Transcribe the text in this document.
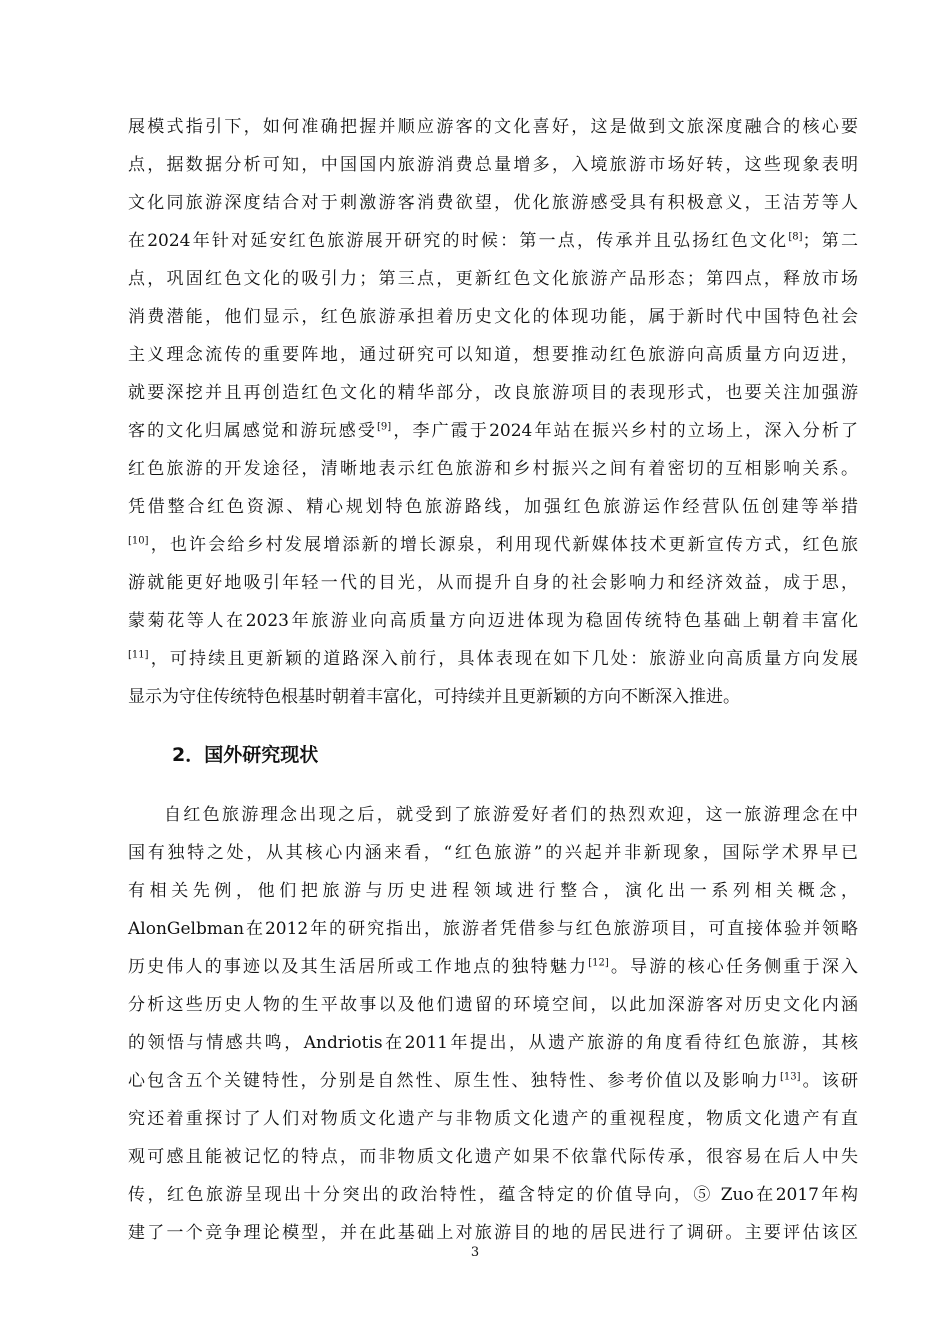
展模式指引下，如何准确把握并顺应游客的文化喜好，这是做到文旅深度融合的核心要
点，据数据分析可知，中国国内旅游消费总量增多，入境旅游市场好转，这些现象表明
文化同旅游深度结合对于刺激游客消费欲望，优化旅游感受具有积极意义，王洁芳等人
在2024年针对延安红色旅游展开研究的时候：第一点，传承并且弘扬红色文化[8]；第二
点，巩固红色文化的吸引力；第三点，更新红色文化旅游产品形态；第四点，释放市场
消费潜能，他们显示，红色旅游承担着历史文化的体现功能，属于新时代中国特色社会
主义理念流传的重要阵地，通过研究可以知道，想要推动红色旅游向高质量方向迈进，
就要深挖并且再创造红色文化的精华部分，改良旅游项目的表现形式，也要关注加强游
客的文化归属感觉和游玩感受[9]，李广霞于2024年站在振兴乡村的立场上，深入分析了
红色旅游的开发途径，清晰地表示红色旅游和乡村振兴之间有着密切的互相影响关系。
凭借整合红色资源、精心规划特色旅游路线，加强红色旅游运作经营队伍创建等举措
[10]，也许会给乡村发展增添新的增长源泉，利用现代新媒体技术更新宣传方式，红色旅
游就能更好地吸引年轻一代的目光，从而提升自身的社会影响力和经济效益，成于思，
蒙菊花等人在2023年旅游业向高质量方向迈进体现为稳固传统特色基础上朝着丰富化
[11]，可持续且更新颖的道路深入前行，具体表现在如下几处：旅游业向高质量方向发展
显示为守住传统特色根基时朝着丰富化，可持续并且更新颖的方向不断深入推进。
2．国外研究现状
自红色旅游理念出现之后，就受到了旅游爱好者们的热烈欢迎，这一旅游理念在中
国有独特之处，从其核心内涵来看，“红色旅游”的兴起并非新现象，国际学术界早已
有相关先例，他们把旅游与历史进程领域进行整合，演化出一系列相关概念，
AlonGelbman在2012年的研究指出，旅游者凭借参与红色旅游项目，可直接体验并领略
历史伟人的事迹以及其生活居所或工作地点的独特魅力[12]。导游的核心任务侧重于深入
分析这些历史人物的生平故事以及他们遗留的环境空间，以此加深游客对历史文化内涵
的领悟与情感共鸣，Andriotis在2011年提出，从遗产旅游的角度看待红色旅游，其核
心包含五个关键特性，分别是自然性、原生性、独特性、参考价值以及影响力[13]。该研
究还着重探讨了人们对物质文化遗产与非物质文化遗产的重视程度，物质文化遗产有直
观可感且能被记忆的特点，而非物质文化遗产如果不依靠代际传承，很容易在后人中失
传，红色旅游呈现出十分突出的政治特性，蕴含特定的价值导向，⑤ Zuo在2017年构
建了一个竞争理论模型，并在此基础上对旅游目的地的居民进行了调研。主要评估该区
3
